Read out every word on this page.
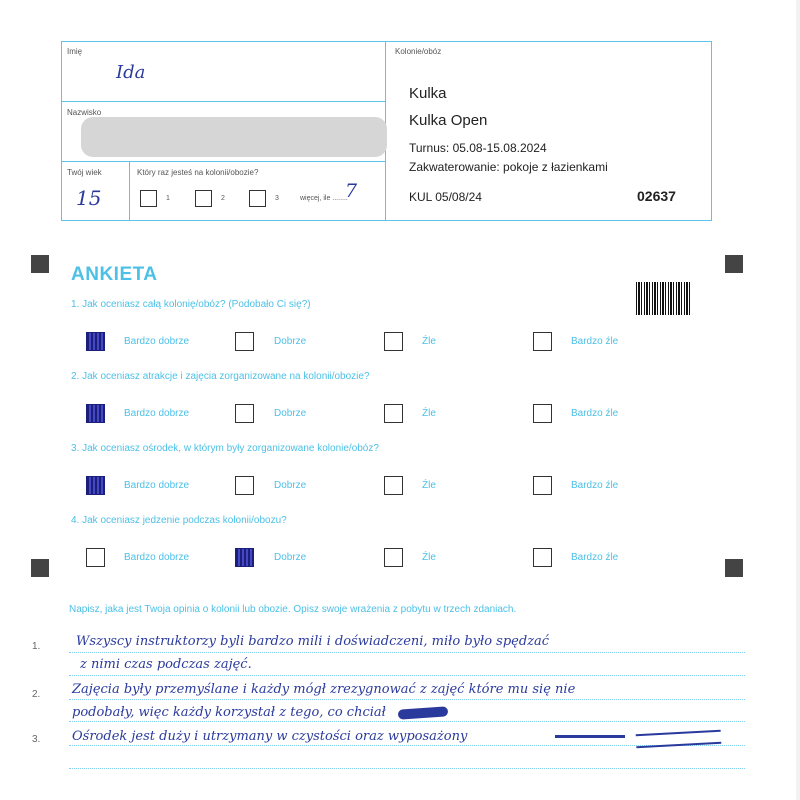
Imię
Ida
Nazwisko
Twój wiek
15
Który raz jesteś na kolonii/obozie?
1	2	3	więcej, ile ........
7
Kolonie/obóz
Kulka
Kulka Open
Turnus: 05.08-15.08.2024
Zakwaterowanie: pokoje z łazienkami
KUL 05/08/24	02637
ANKIETA
1. Jak oceniasz całą kolonię/obóz? (Podobało Ci się?)
Bardzo dobrze	Dobrze	Źle	Bardzo źle
2. Jak oceniasz atrakcje i zajęcia zorganizowane na kolonii/obozie?
Bardzo dobrze	Dobrze	Źle	Bardzo źle
3. Jak oceniasz ośrodek, w którym były zorganizowane kolonie/obóz?
Bardzo dobrze	Dobrze	Źle	Bardzo źle
4. Jak oceniasz jedzenie podczas kolonii/obozu?
Bardzo dobrze	Dobrze	Źle	Bardzo źle
Napisz, jaka jest Twoja opinia o kolonii lub obozie. Opisz swoje wrażenia z pobytu w trzech zdaniach.
1.
2.
3.
Wszyscy instruktorzy byli bardzo mili i doświadczeni, miło było spędzać
z nimi czas podczas zajęć.
Zajęcia były przemyślane i każdy mógł zrezygnować z zajęć które mu się nie
podobały, więc każdy korzystał z tego, co chciał
Ośrodek jest duży i utrzymany w czystości oraz wyposażony
